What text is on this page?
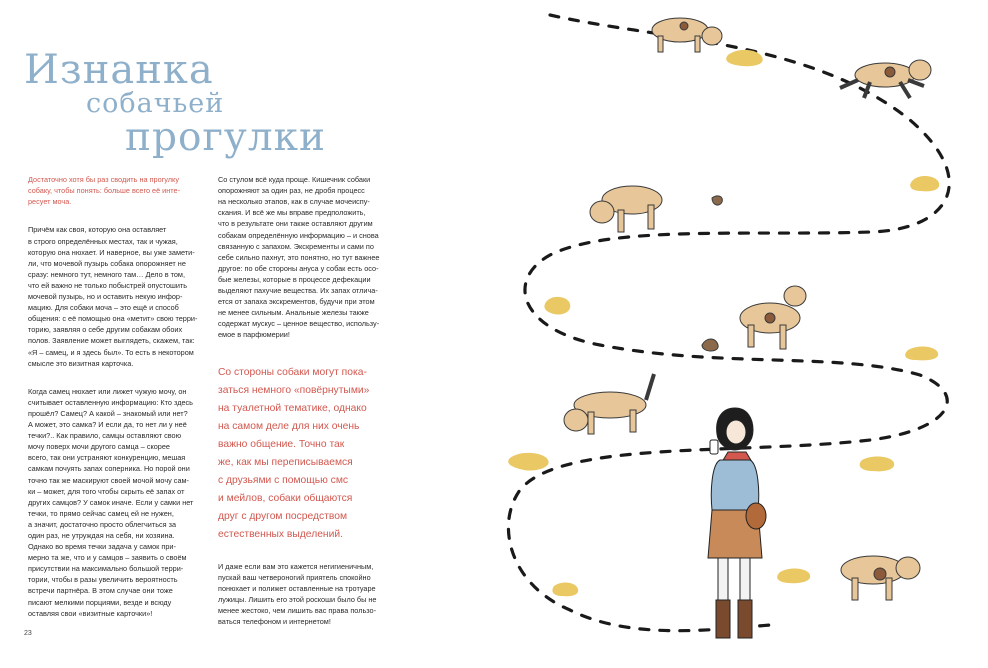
Изнанка
собачьей
прогулки

Достаточно хотя бы раз сводить на прогулку
собаку, чтобы понять: больше всего её инте-
ресует моча.

Причём как своя, которую она оставляет
в строго определённых местах, так и чужая,
которую она нюхает. И наверное, вы уже замети-
ли, что мочевой пузырь собака опорожняет не
сразу: немного тут, немного там… Дело в том,
что ей важно не только побыстрей опустошить
мочевой пузырь, но и оставить некую инфор-
мацию. Для собаки моча – это ещё и способ
общения: с её помощью она «метит» свою терри-
торию, заявляя о себе другим собакам обоих
полов. Заявление может выглядеть, скажем, так:
«Я – самец, и я здесь был». То есть в некотором
смысле это визитная карточка.

Когда самец нюхает или лижет чужую мочу, он
считывает оставленную информацию: Кто здесь
прошёл? Самец? А какой – знакомый или нет?
А может, это самка? И если да, то нет ли у неё
течки?.. Как правило, самцы оставляют свою
мочу поверх мочи другого самца – скорее
всего, так они устраняют конкуренцию, мешая
самкам почуять запах соперника. Но порой они
точно так же маскируют своей мочой мочу сам-
ки – может, для того чтобы скрыть её запах от
других самцов? У самок иначе. Если у самки нет
течки, то прямо сейчас самец ей не нужен,
а значит, достаточно просто облегчиться за
один раз, не утруждая на себя, ни хозяина.
Однако во время течки задача у самок при-
мерно та же, что и у самцов – заявить о своём
присутствии на максимально большой терри-
тории, чтобы в разы увеличить вероятность
встречи партнёра. В этом случае они тоже
писают мелкими порциями, везде и всюду
оставляя свои «визитные карточки»!

Со стулом всё куда проще. Кишечник собаки
опорожняют за один раз, не дробя процесс
на несколько этапов, как в случае мочеиспу-
скания. И всё же мы вправе предположить,
что в результате они также оставляют другим
собакам определённую информацию – и снова
связанную с запахом. Экскременты и сами по
себе сильно пахнут, это понятно, но тут важнее
другое: по обе стороны ануса у собак есть осо-
бые железы, которые в процессе дефекации
выделяют пахучие вещества. Их запах отлича-
ется от запаха экскрементов, будучи при этом
не менее сильным. Анальные железы также
содержат мускус – ценное вещество, использу-
емое в парфюмерии!

Со стороны собаки могут пока-
заться немного «повёрнутыми»
на туалетной тематике, однако
на самом деле для них очень
важно общение. Точно так
же, как мы переписываемся
с друзьями с помощью смс
и мейлов, собаки общаются
друг с другом посредством
естественных выделений.

И даже если вам это кажется негигиеничным,
пускай ваш четвероногий приятель спокойно
понюхает и полижет оставленные на тротуаре
лужицы. Лишить его этой роскоши было бы не
менее жестоко, чем лишить вас права пользо-
ваться телефоном и интернетом!

23
